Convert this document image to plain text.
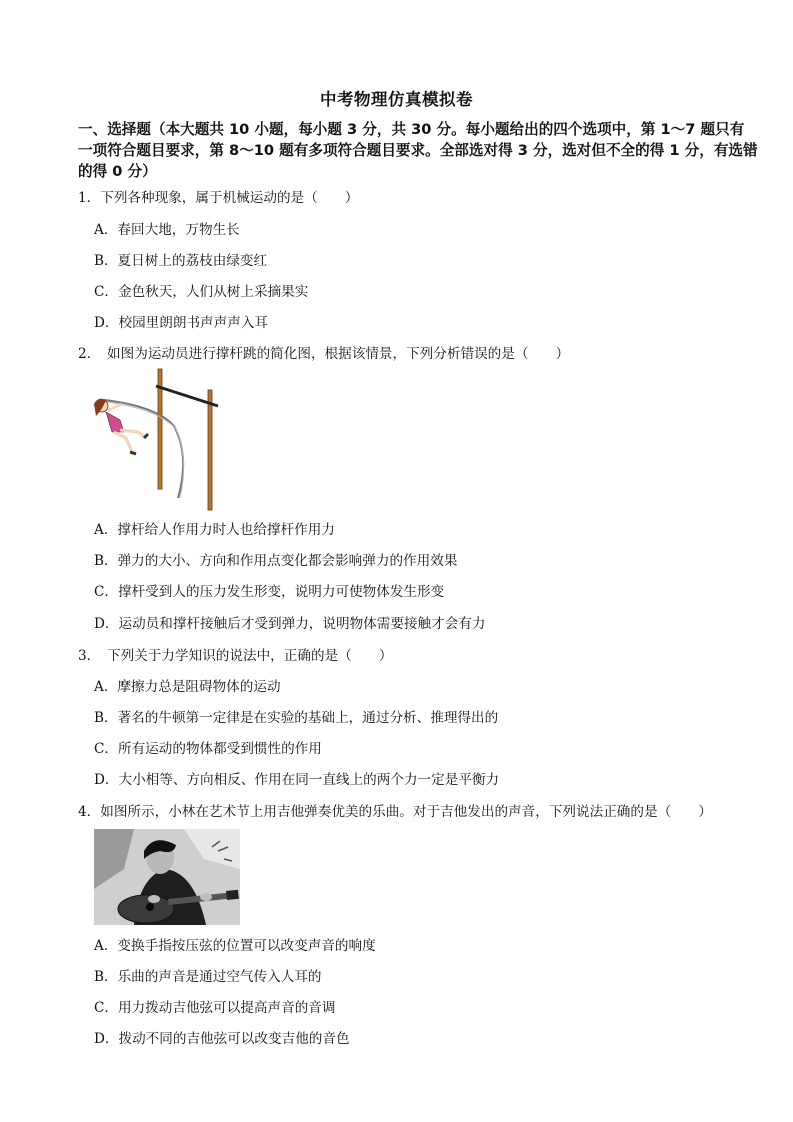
中考物理仿真模拟卷
一、选择题（本大题共 10 小题，每小题 3 分，共 30 分。每小题给出的四个选项中，第 1～7 题只有一项符合题目要求，第 8～10 题有多项符合题目要求。全部选对得 3 分，选对但不全的得 1 分，有选错的得 0 分）
1．下列各种现象，属于机械运动的是（　　）
A．春回大地，万物生长
B．夏日树上的荔枝由绿变红
C．金色秋天，人们从树上采摘果实
D．校园里朗朗书声声声入耳
2．　如图为运动员进行撑杆跳的简化图，根据该情景，下列分析错误的是（　　）
A．撑杆给人作用力时人也给撑杆作用力
B．弹力的大小、方向和作用点变化都会影响弹力的作用效果
C．撑杆受到人的压力发生形变，说明力可使物体发生形变
D．运动员和撑杆接触后才受到弹力，说明物体需要接触才会有力
3．　下列关于力学知识的说法中，正确的是（　　）
A．摩擦力总是阻碍物体的运动
B．著名的牛顿第一定律是在实验的基础上，通过分析、推理得出的
C．所有运动的物体都受到惯性的作用
D．大小相等、方向相反、作用在同一直线上的两个力一定是平衡力
4．如图所示，小林在艺术节上用吉他弹奏优美的乐曲。对于吉他发出的声音，下列说法正确的是（　　）
A．变换手指按压弦的位置可以改变声音的响度
B．乐曲的声音是通过空气传入人耳的
C．用力拨动吉他弦可以提高声音的音调
D．拨动不同的吉他弦可以改变吉他的音色
